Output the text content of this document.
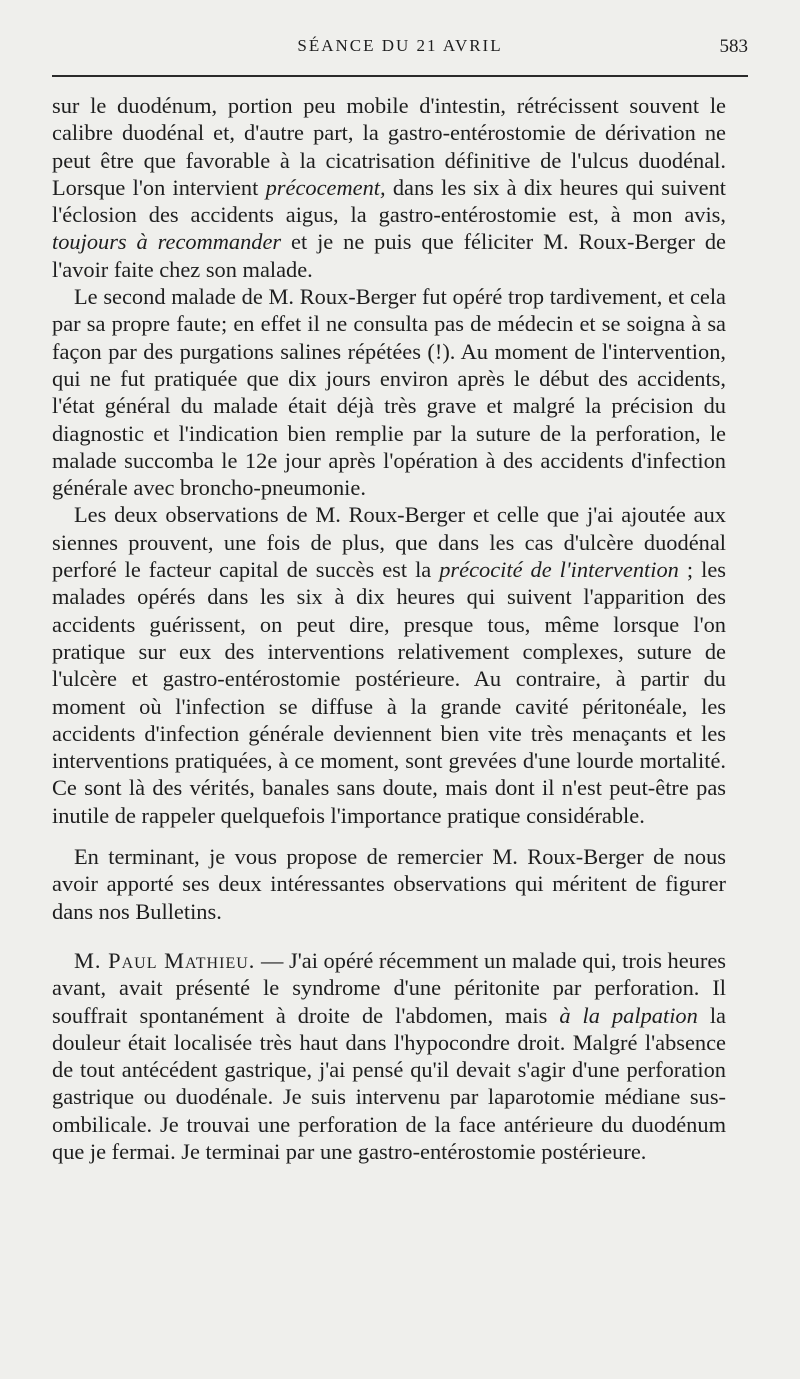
SÉANCE DU 21 AVRIL	583

sur le duodénum, portion peu mobile d'intestin, rétrécissent souvent le calibre duodénal et, d'autre part, la gastro-entérostomie de dérivation ne peut être que favorable à la cicatrisation définitive de l'ulcus duodénal. Lorsque l'on intervient précocement, dans les six à dix heures qui suivent l'éclosion des accidents aigus, la gastro-entérostomie est, à mon avis, toujours à recommander et je ne puis que féliciter M. Roux-Berger de l'avoir faite chez son malade.

Le second malade de M. Roux-Berger fut opéré trop tardivement, et cela par sa propre faute; en effet il ne consulta pas de médecin et se soigna à sa façon par des purgations salines répétées (!). Au moment de l'intervention, qui ne fut pratiquée que dix jours environ après le début des accidents, l'état général du malade était déjà très grave et malgré la précision du diagnostic et l'indication bien remplie par la suture de la perforation, le malade succomba le 12e jour après l'opération à des accidents d'infection générale avec broncho-pneumonie.

Les deux observations de M. Roux-Berger et celle que j'ai ajoutée aux siennes prouvent, une fois de plus, que dans les cas d'ulcère duodénal perforé le facteur capital de succès est la précocité de l'intervention ; les malades opérés dans les six à dix heures qui suivent l'apparition des accidents guérissent, on peut dire, presque tous, même lorsque l'on pratique sur eux des interventions relativement complexes, suture de l'ulcère et gastro-entérostomie postérieure. Au contraire, à partir du moment où l'infection se diffuse à la grande cavité péritonéale, les accidents d'infection générale deviennent bien vite très menaçants et les interventions pratiquées, à ce moment, sont grevées d'une lourde mortalité. Ce sont là des vérités, banales sans doute, mais dont il n'est peut-être pas inutile de rappeler quelquefois l'importance pratique considérable.

En terminant, je vous propose de remercier M. Roux-Berger de nous avoir apporté ses deux intéressantes observations qui méritent de figurer dans nos Bulletins.

M. Paul Mathieu. — J'ai opéré récemment un malade qui, trois heures avant, avait présenté le syndrome d'une péritonite par perforation. Il souffrait spontanément à droite de l'abdomen, mais à la palpation la douleur était localisée très haut dans l'hypocondre droit. Malgré l'absence de tout antécédent gastrique, j'ai pensé qu'il devait s'agir d'une perforation gastrique ou duodénale. Je suis intervenu par laparotomie médiane sus-ombilicale. Je trouvai une perforation de la face antérieure du duodénum que je fermai. Je terminai par une gastro-entérostomie postérieure.
